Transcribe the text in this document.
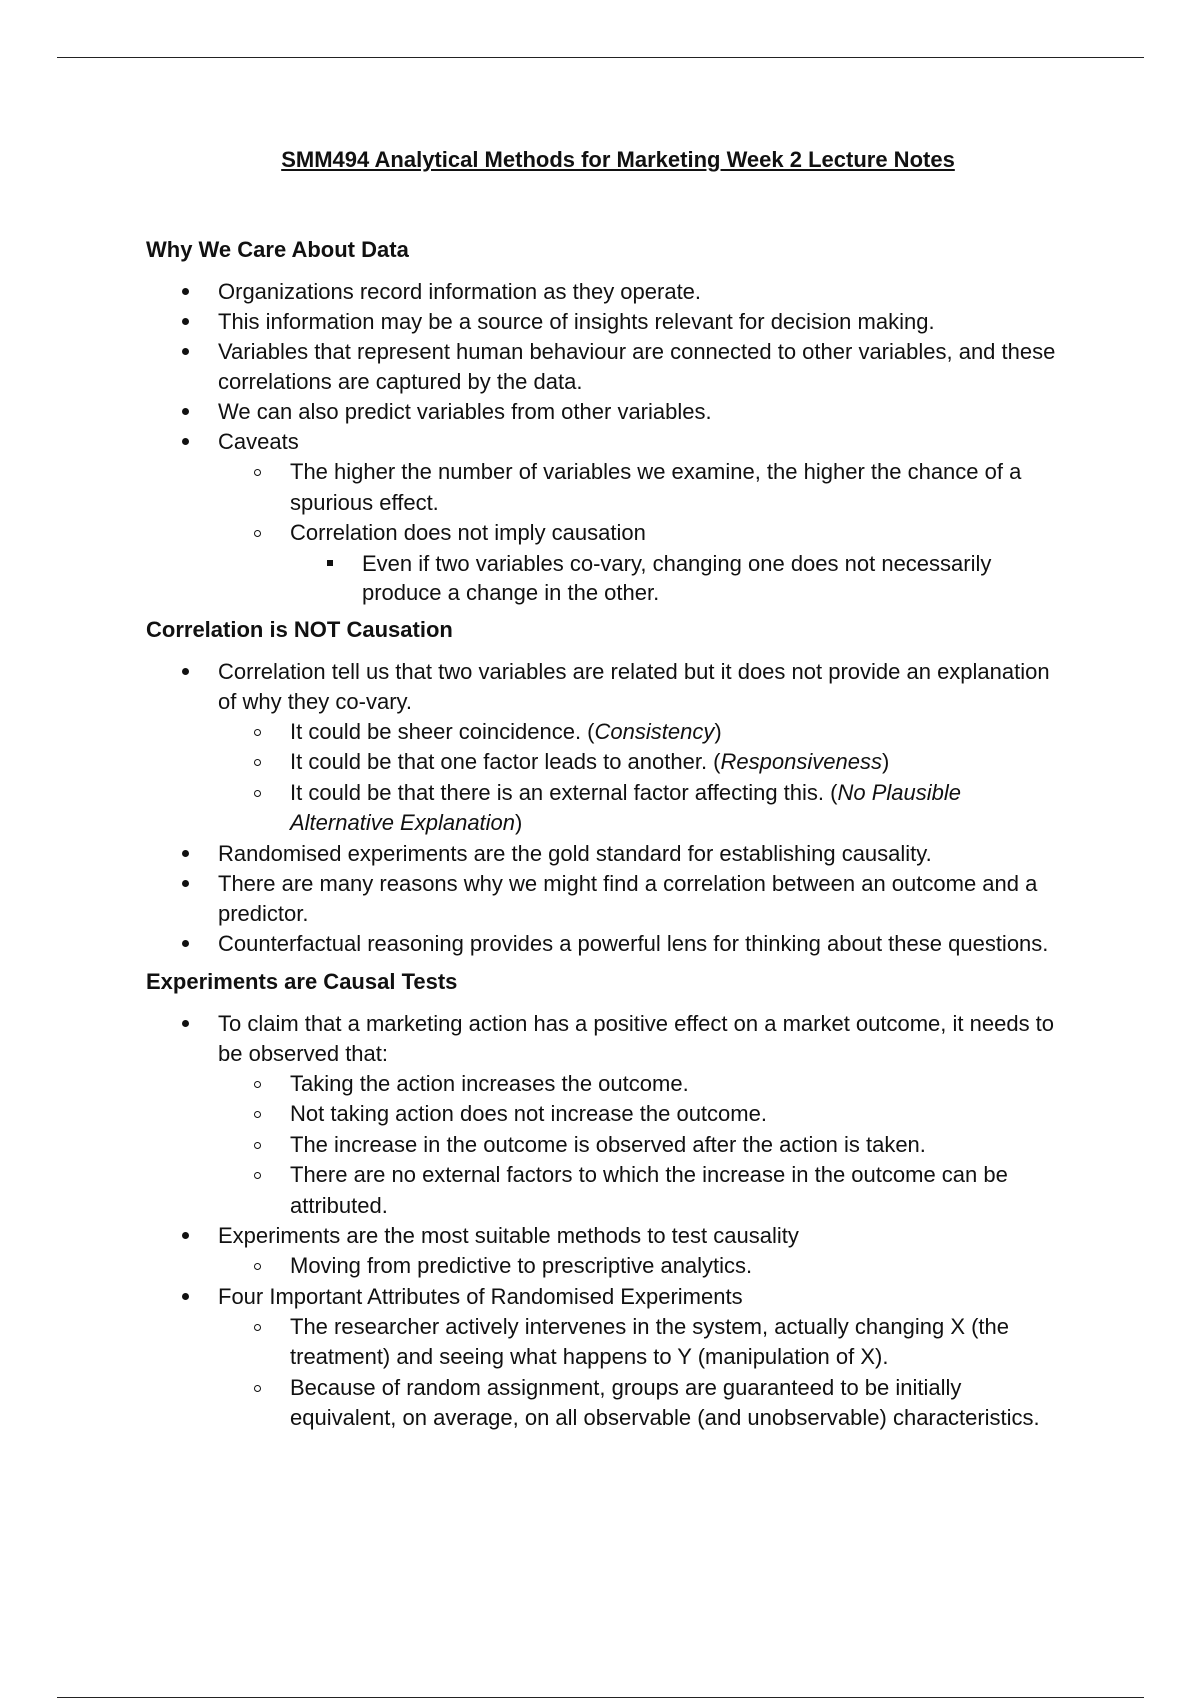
SMM494 Analytical Methods for Marketing Week 2 Lecture Notes
Why We Care About Data
Organizations record information as they operate.
This information may be a source of insights relevant for decision making.
Variables that represent human behaviour are connected to other variables, and these correlations are captured by the data.
We can also predict variables from other variables.
Caveats
The higher the number of variables we examine, the higher the chance of a spurious effect.
Correlation does not imply causation
Even if two variables co-vary, changing one does not necessarily produce a change in the other.
Correlation is NOT Causation
Correlation tell us that two variables are related but it does not provide an explanation of why they co-vary.
It could be sheer coincidence. (Consistency)
It could be that one factor leads to another. (Responsiveness)
It could be that there is an external factor affecting this. (No Plausible Alternative Explanation)
Randomised experiments are the gold standard for establishing causality.
There are many reasons why we might find a correlation between an outcome and a predictor.
Counterfactual reasoning provides a powerful lens for thinking about these questions.
Experiments are Causal Tests
To claim that a marketing action has a positive effect on a market outcome, it needs to be observed that:
Taking the action increases the outcome.
Not taking action does not increase the outcome.
The increase in the outcome is observed after the action is taken.
There are no external factors to which the increase in the outcome can be attributed.
Experiments are the most suitable methods to test causality
Moving from predictive to prescriptive analytics.
Four Important Attributes of Randomised Experiments
The researcher actively intervenes in the system, actually changing X (the treatment) and seeing what happens to Y (manipulation of X).
Because of random assignment, groups are guaranteed to be initially equivalent, on average, on all observable (and unobservable) characteristics.
